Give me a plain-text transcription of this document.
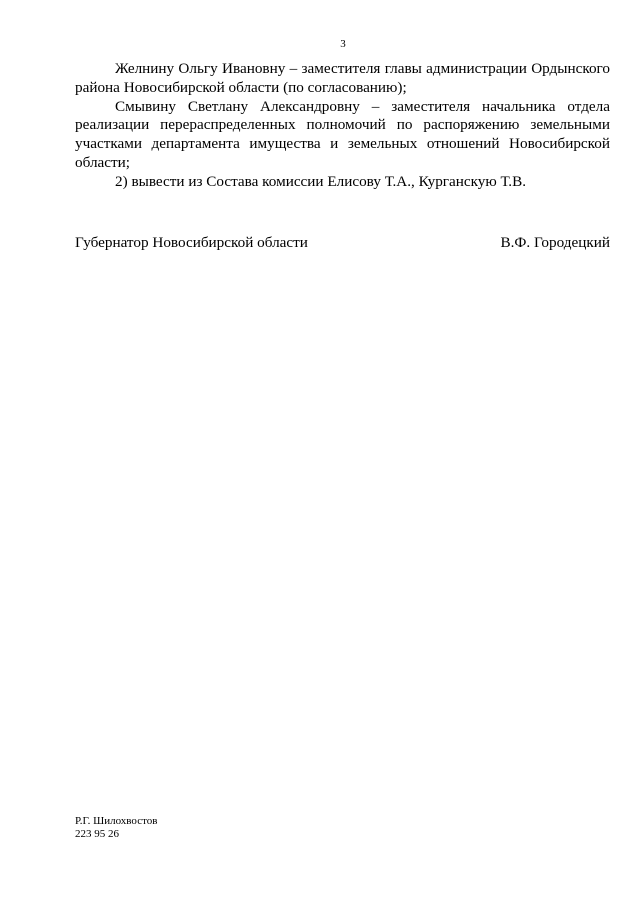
3

Желнину Ольгу Ивановну – заместителя главы администрации Ордынского района Новосибирской области (по согласованию);

Смывину Светлану Александровну – заместителя начальника отдела реализации перераспределенных полномочий по распоряжению земельными участками департамента имущества и земельных отношений Новосибирской области;

2) вывести из Состава комиссии Елисову Т.А., Курганскую Т.В.

Губернатор Новосибирской области	В.Ф. Городецкий
Р.Г. Шилохвостов
223 95 26
